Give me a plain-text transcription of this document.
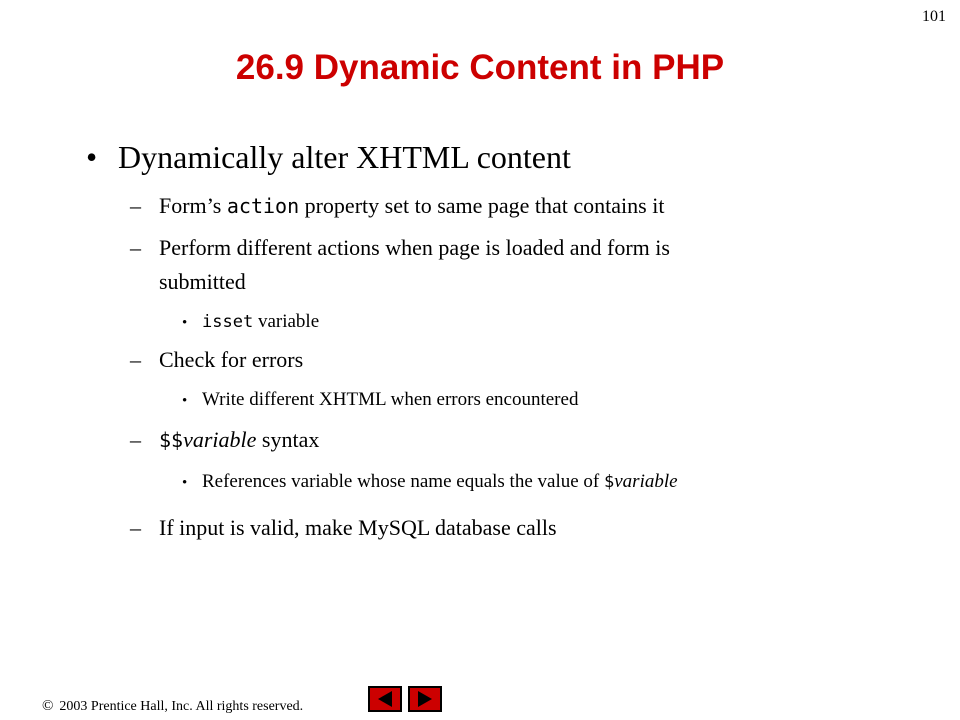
101
26.9 Dynamic Content in PHP
• Dynamically alter XHTML content
– Form’s action property set to same page that contains it
– Perform different actions when page is loaded and form is
submitted
• isset variable
– Check for errors
• Write different XHTML when errors encountered
– $$variable syntax
• References variable whose name equals the value of $variable
– If input is valid, make MySQL database calls
© 2003 Prentice Hall, Inc. All rights reserved.
